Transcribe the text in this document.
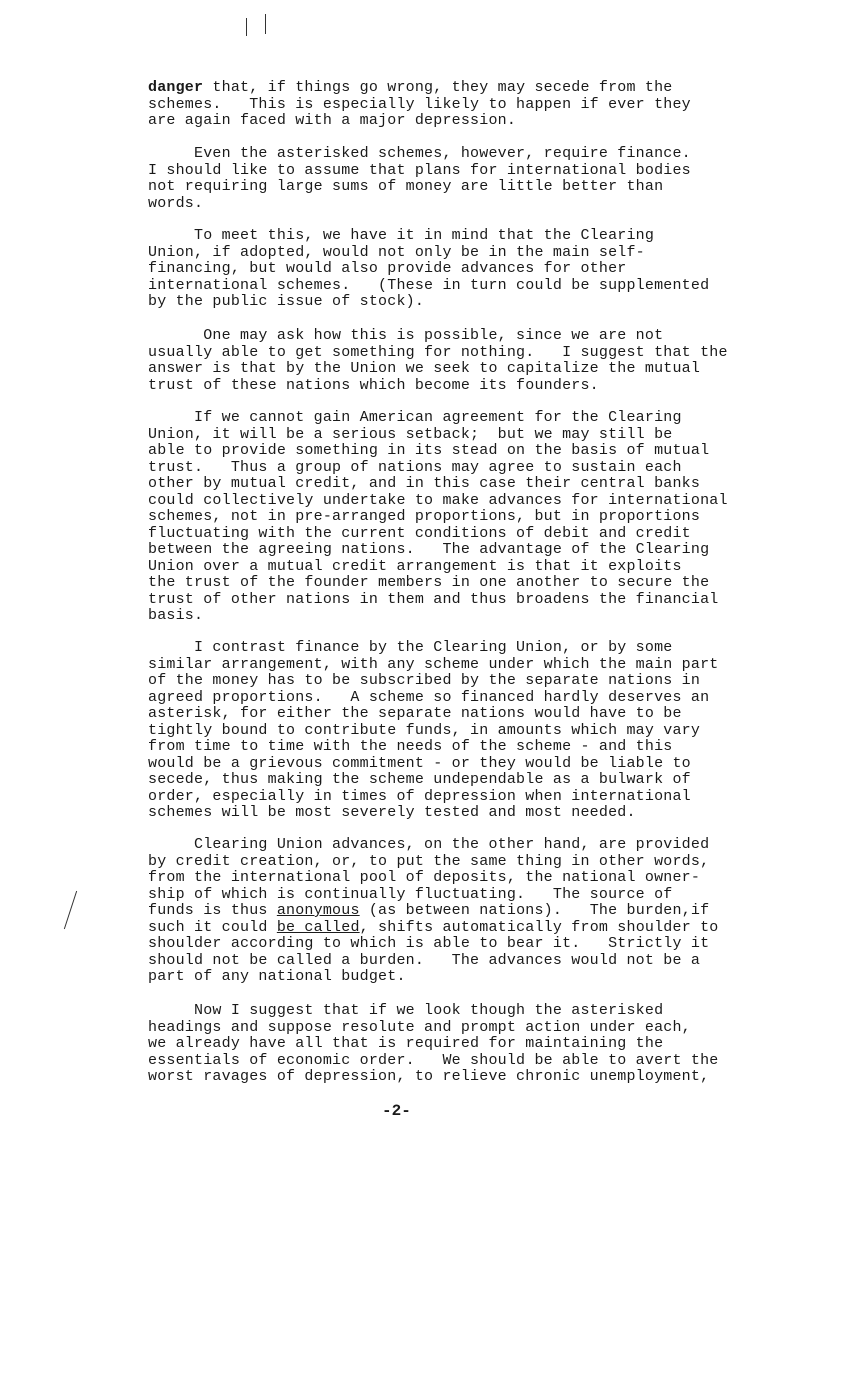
danger that, if things go wrong, they may secede from the
schemes.   This is especially likely to happen if ever they
are again faced with a major depression.
Even the asterisked schemes, however, require finance.
I should like to assume that plans for international bodies
not requiring large sums of money are little better than
words.
To meet this, we have it in mind that the Clearing
Union, if adopted, would not only be in the main self-
financing, but would also provide advances for other
international schemes.   (These in turn could be supplemented
by the public issue of stock).
One may ask how this is possible, since we are not
usually able to get something for nothing.   I suggest that the
answer is that by the Union we seek to capitalize the mutual
trust of these nations which become its founders.
If we cannot gain American agreement for the Clearing
Union, it will be a serious setback;  but we may still be
able to provide something in its stead on the basis of mutual
trust.   Thus a group of nations may agree to sustain each
other by mutual credit, and in this case their central banks
could collectively undertake to make advances for international
schemes, not in pre-arranged proportions, but in proportions
fluctuating with the current conditions of debit and credit
between the agreeing nations.   The advantage of the Clearing
Union over a mutual credit arrangement is that it exploits
the trust of the founder members in one another to secure the
trust of other nations in them and thus broadens the financial
basis.
I contrast finance by the Clearing Union, or by some
similar arrangement, with any scheme under which the main part
of the money has to be subscribed by the separate nations in
agreed proportions.   A scheme so financed hardly deserves an
asterisk, for either the separate nations would have to be
tightly bound to contribute funds, in amounts which may vary
from time to time with the needs of the scheme - and this
would be a grievous commitment - or they would be liable to
secede, thus making the scheme undependable as a bulwark of
order, especially in times of depression when international
schemes will be most severely tested and most needed.
Clearing Union advances, on the other hand, are provided
by credit creation, or, to put the same thing in other words,
from the international pool of deposits, the national owner-
ship of which is continually fluctuating.   The source of
funds is thus anonymous (as between nations).   The burden,if
such it could be called, shifts automatically from shoulder to
shoulder according to which is able to bear it.   Strictly it
should not be called a burden.   The advances would not be a
part of any national budget.
Now I suggest that if we look though the asterisked
headings and suppose resolute and prompt action under each,
we already have all that is required for maintaining the
essentials of economic order.   We should be able to avert the
worst ravages of depression, to relieve chronic unemployment,
-2-
